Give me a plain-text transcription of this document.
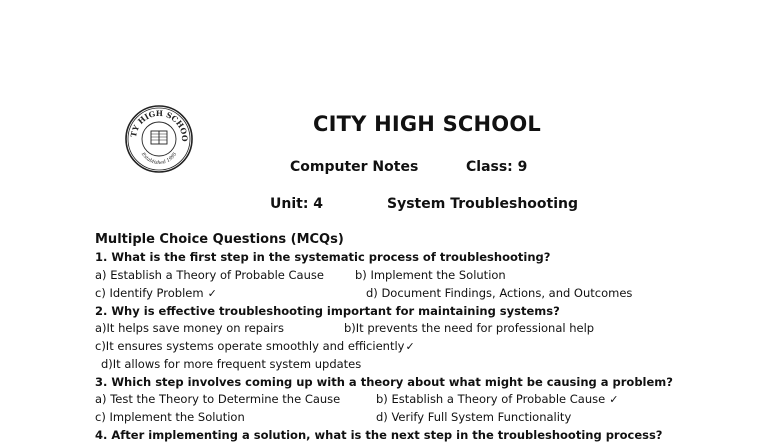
TY HIGH SCHOO
Established 1995
CITY HIGH SCHOOL
Computer Notes	Class: 9
Unit: 4	System Troubleshooting
Multiple Choice Questions (MCQs)
1. What is the first step in the systematic process of troubleshooting?
a) Establish a Theory of Probable Cause	b) Implement the Solution
c) Identify Problem ✓	d) Document Findings, Actions, and Outcomes
2. Why is effective troubleshooting important for maintaining systems?
a)It helps save money on repairs	b)It prevents the need for professional help
c)It ensures systems operate smoothly and efficiently✓
d)It allows for more frequent system updates
3. Which step involves coming up with a theory about what might be causing a problem?
a) Test the Theory to Determine the Cause	b) Establish a Theory of Probable Cause ✓
c) Implement the Solution	d) Verify Full System Functionality
4. After implementing a solution, what is the next step in the troubleshooting process?
